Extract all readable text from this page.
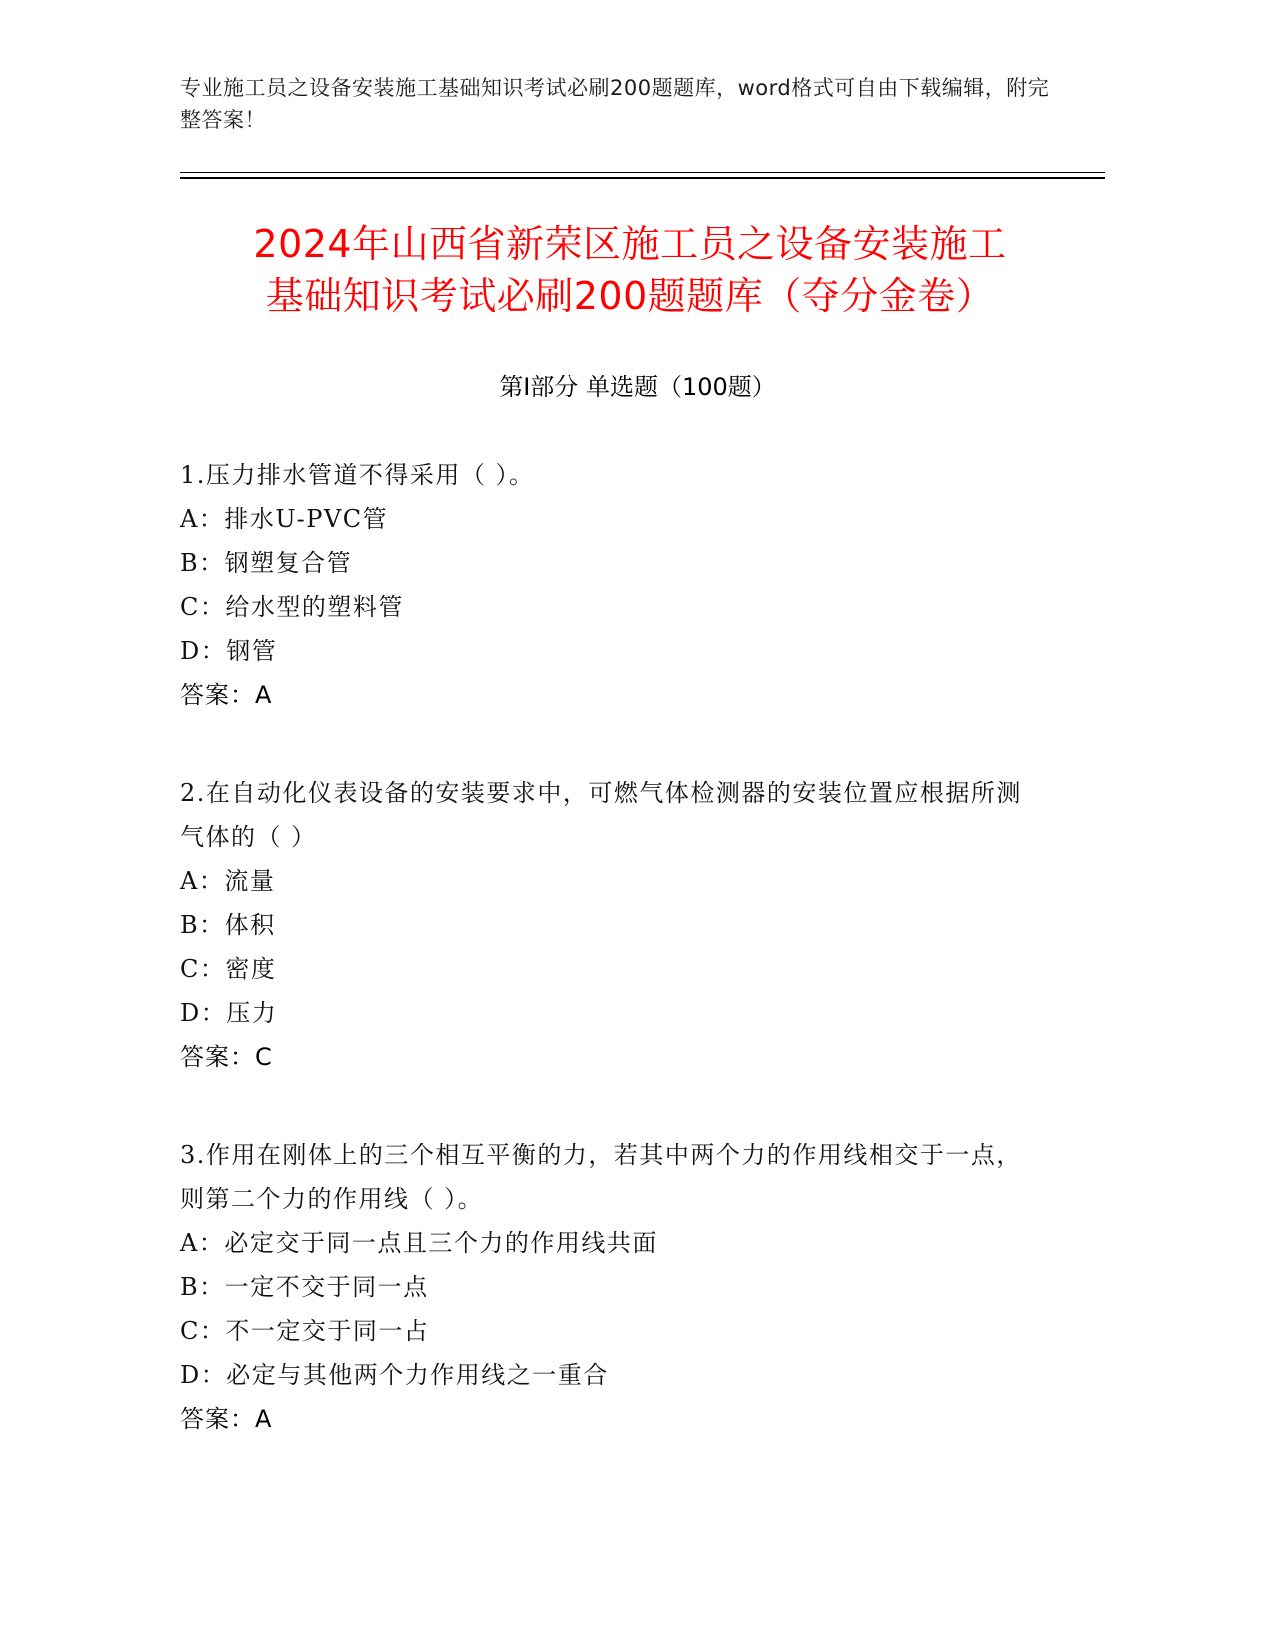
专业施工员之设备安装施工基础知识考试必刷200题题库，word格式可自由下载编辑，附完整答案！
2024年山西省新荣区施工员之设备安装施工
基础知识考试必刷200题题库（夺分金卷）
第Ⅰ部分 单选题（100题）

1.压力排水管道不得采用（ ）。

A：排水U-PVC管

B：钢塑复合管

C：给水型的塑料管

D：钢管

答案：A

2.在自动化仪表设备的安装要求中，可燃气体检测器的安装位置应根据所测气体的（ ）

A：流量

B：体积

C：密度

D：压力

答案：C

3.作用在刚体上的三个相互平衡的力，若其中两个力的作用线相交于一点，则第二个力的作用线（ ）。

A：必定交于同一点且三个力的作用线共面

B：一定不交于同一点

C：不一定交于同一占

D：必定与其他两个力作用线之一重合

答案：A
